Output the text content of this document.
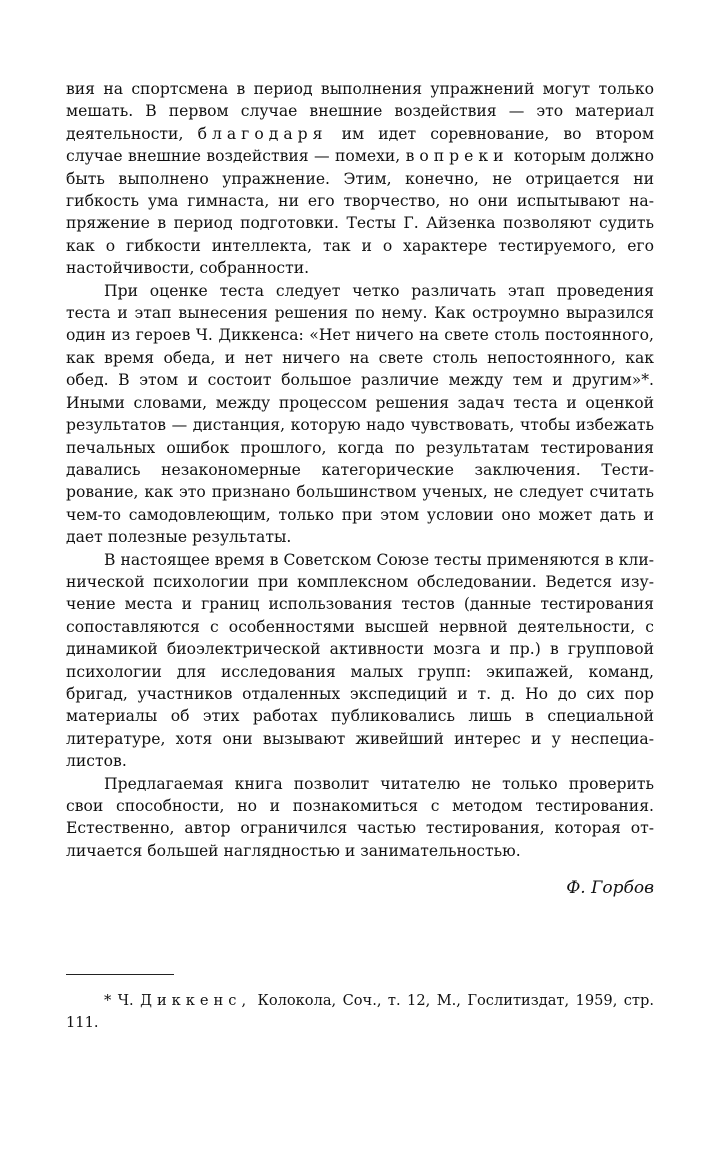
вия на спортсмена в период выполнения упражнений могут только мешать. В первом случае внешние воздействия — это материал деятельности, благодаря им идет соревнование, во втором случае внешние воздействия — помехи, вопреки которым должно быть выполнено упражнение. Этим, конечно, не отрицается ни гибкость ума гимнаста, ни его творчество, но они испытывают напряжение в период подготовки. Тесты Г. Айзенка позволяют судить как о гибкости интеллекта, так и о характере тестируемого, его настойчивости, собранности.

При оценке теста следует четко различать этап проведения теста и этап вынесения решения по нему. Как остроумно выразился один из героев Ч. Диккенса: «Нет ничего на свете столь постоянного, как время обеда, и нет ничего на свете столь непостоянного, как обед. В этом и состоит большое различие между тем и другим»*. Иными словами, между процессом решения задач теста и оценкой результатов — дистанция, которую надо чувствовать, чтобы избежать печальных ошибок прошлого, когда по результатам тестирования давались незакономерные категорические заключения. Тестирование, как это признано большинством ученых, не следует считать чем-то самодовлеющим, только при этом условии оно может дать и дает полезные результаты.

В настоящее время в Советском Союзе тесты применяются в клинической психологии при комплексном обследовании. Ведется изучение места и границ использования тестов (данные тестирования сопоставляются с особенностями высшей нервной деятельности, с динамикой биоэлектрической активности мозга и пр.) в групповой психологии для исследования малых групп: экипажей, команд, бригад, участников отдаленных экспедиций и т. д. Но до сих пор материалы об этих работах публиковались лишь в специальной литературе, хотя они вызывают живейший интерес и у неспециалистов.

Предлагаемая книга позволит читателю не только проверить свои способности, но и познакомиться с методом тестирования. Естественно, автор ограничился частью тестирования, которая отличается большей наглядностью и занимательностью.

Ф. Горбов

* Ч. Диккенс, Колокола, Соч., т. 12, М., Гослитиздат, 1959, стр. 111.
